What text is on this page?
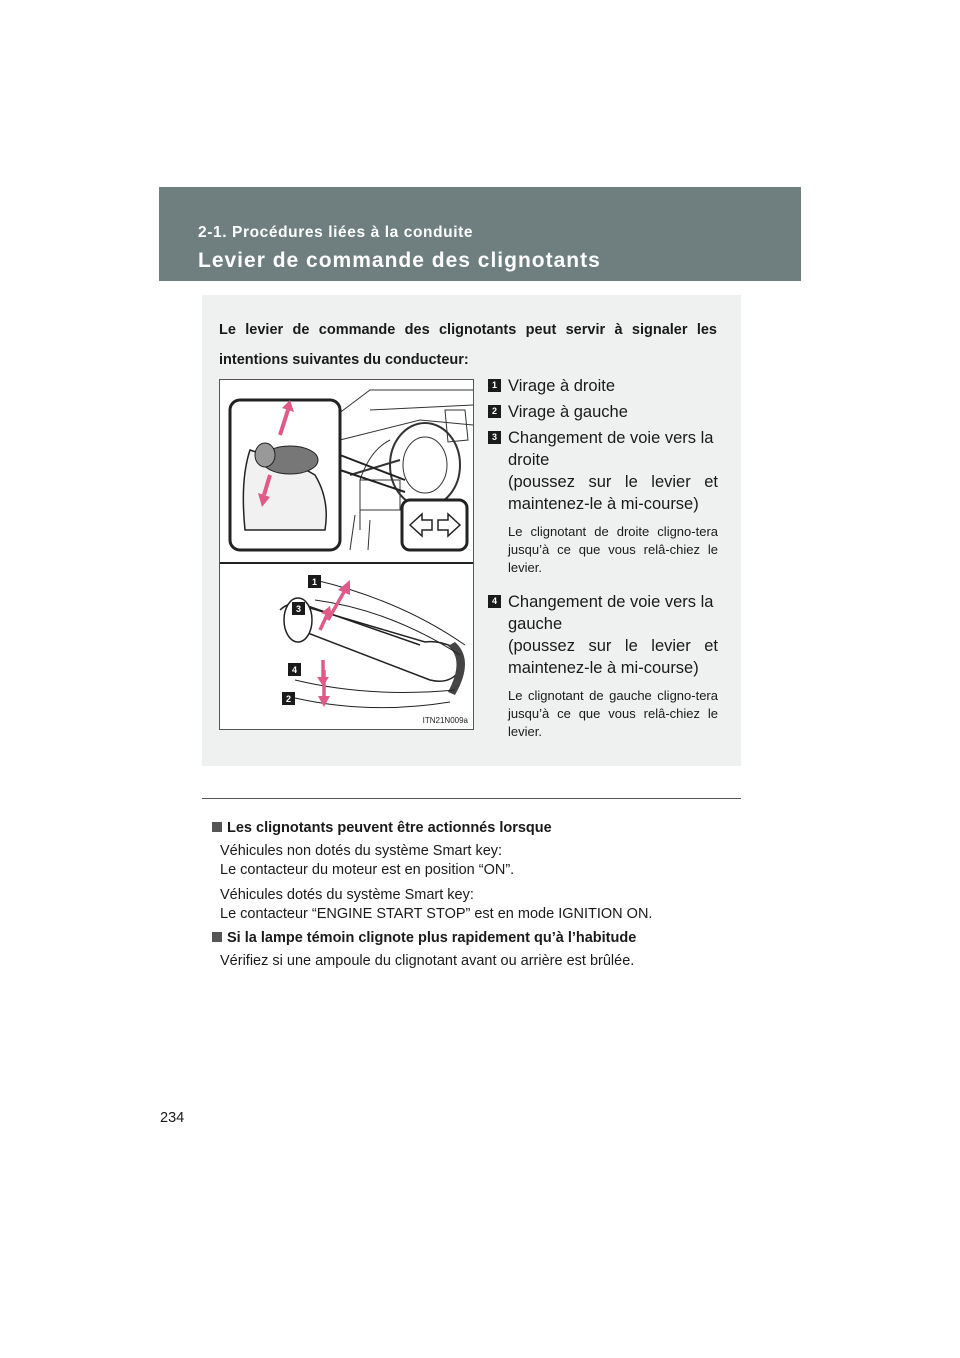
2-1. Procédures liées à la conduite
Levier de commande des clignotants
Le levier de commande des clignotants peut servir à signaler les intentions suivantes du conducteur:
1
3
4
2
ITN21N009a
1 Virage à droite
2 Virage à gauche
3 Changement de voie vers la droite
(poussez sur le levier et maintenez-le à mi-course)
Le clignotant de droite cligno-tera jusqu’à ce que vous relâ-chiez le levier.
4 Changement de voie vers la gauche
(poussez sur le levier et maintenez-le à mi-course)
Le clignotant de gauche cligno-tera jusqu’à ce que vous relâ-chiez le levier.
Les clignotants peuvent être actionnés lorsque
Véhicules non dotés du système Smart key:
Le contacteur du moteur est en position “ON”.
Véhicules dotés du système Smart key:
Le contacteur “ENGINE START STOP” est en mode IGNITION ON.
Si la lampe témoin clignote plus rapidement qu’à l’habitude
Vérifiez si une ampoule du clignotant avant ou arrière est brûlée.
234
